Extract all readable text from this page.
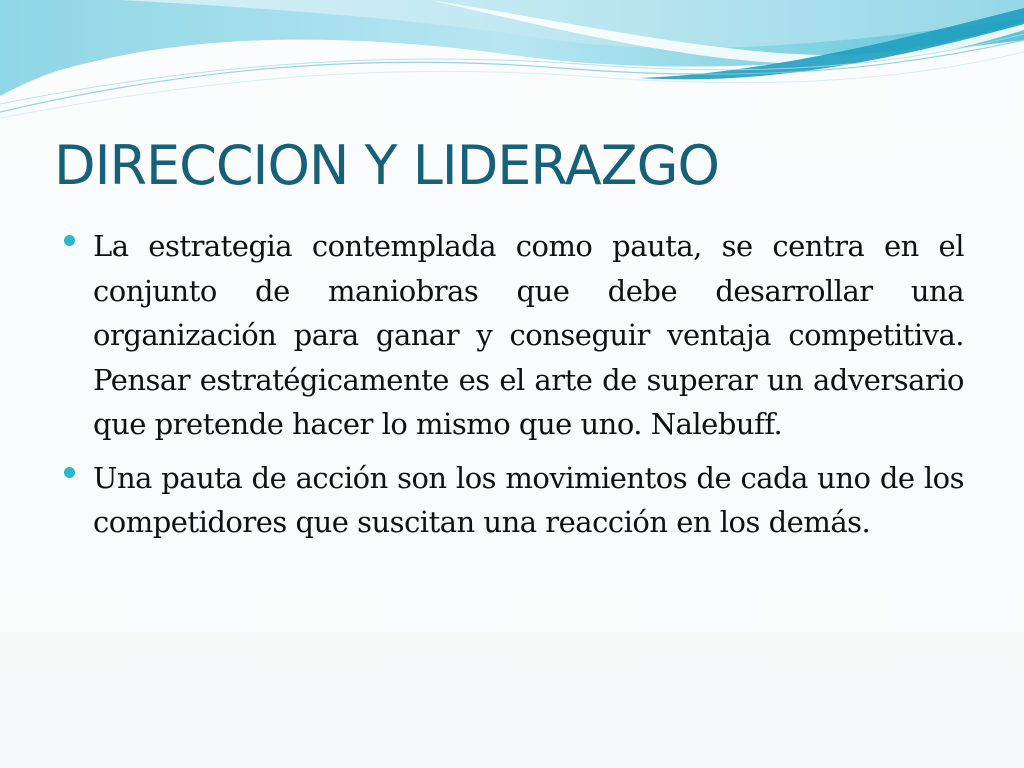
DIRECCION Y LIDERAZGO
La estrategia contemplada como pauta, se centra en el conjunto de maniobras que debe desarrollar una organización para ganar y conseguir ventaja competitiva. Pensar estratégicamente es el arte de superar un adversario que pretende hacer lo mismo que uno. Nalebuff.
Una pauta de acción son los movimientos de cada uno de los competidores que suscitan una reacción en los demás.
